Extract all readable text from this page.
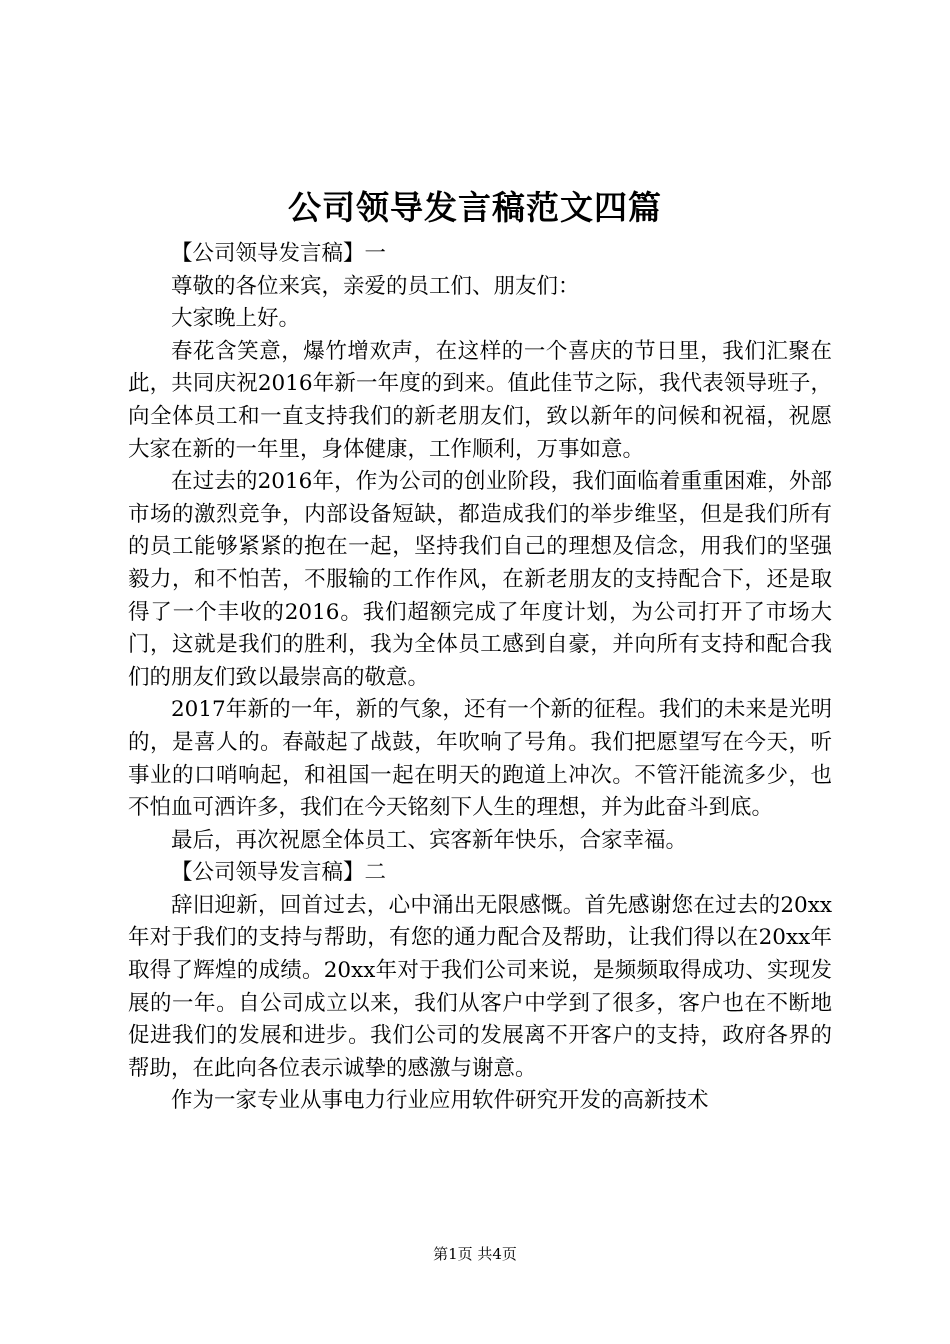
公司领导发言稿范文四篇

【公司领导发言稿】一

尊敬的各位来宾，亲爱的员工们、朋友们：

大家晚上好。

春花含笑意，爆竹增欢声，在这样的一个喜庆的节日里，我们汇聚在此，共同庆祝2016年新一年度的到来。值此佳节之际，我代表领导班子，向全体员工和一直支持我们的新老朋友们，致以新年的问候和祝福，祝愿大家在新的一年里，身体健康，工作顺利，万事如意。

在过去的2016年，作为公司的创业阶段，我们面临着重重困难，外部市场的激烈竞争，内部设备短缺，都造成我们的举步维坚，但是我们所有的员工能够紧紧的抱在一起，坚持我们自己的理想及信念，用我们的坚强毅力，和不怕苦，不服输的工作作风，在新老朋友的支持配合下，还是取得了一个丰收的2016。我们超额完成了年度计划，为公司打开了市场大门，这就是我们的胜利，我为全体员工感到自豪，并向所有支持和配合我们的朋友们致以最崇高的敬意。

2017年新的一年，新的气象，还有一个新的征程。我们的未来是光明的，是喜人的。春敲起了战鼓，年吹响了号角。我们把愿望写在今天，听事业的口哨响起，和祖国一起在明天的跑道上冲次。不管汗能流多少，也不怕血可洒许多，我们在今天铭刻下人生的理想，并为此奋斗到底。

最后，再次祝愿全体员工、宾客新年快乐，合家幸福。

【公司领导发言稿】二

辞旧迎新，回首过去，心中涌出无限感慨。首先感谢您在过去的20xx年对于我们的支持与帮助，有您的通力配合及帮助，让我们得以在20xx年取得了辉煌的成绩。20xx年对于我们公司来说，是频频取得成功、实现发展的一年。自公司成立以来，我们从客户中学到了很多，客户也在不断地促进我们的发展和进步。我们公司的发展离不开客户的支持，政府各界的帮助，在此向各位表示诚挚的感激与谢意。

作为一家专业从事电力行业应用软件研究开发的高新技术

第1页 共4页
